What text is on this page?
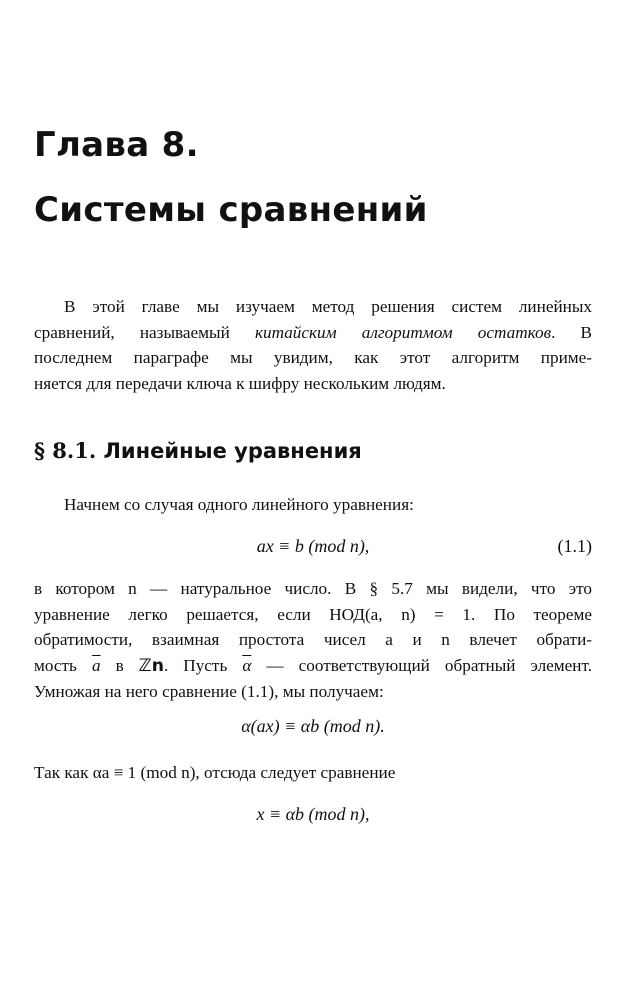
Глава 8.
Системы сравнений
В этой главе мы изучаем метод решения систем линейных
сравнений, называемый китайским алгоритмом остатков. В
последнем параграфе мы увидим, как этот алгоритм приме-
няется для передачи ключа к шифру нескольким людям.
§ 8.1. Линейные уравнения
Начнем со случая одного линейного уравнения:
ax ≡ b (mod n),	(1.1)
в котором n — натуральное число. В § 5.7 мы видели, что это
уравнение легко решается, если НОД(a, n) = 1. По теореме
обратимости, взаимная простота чисел a и n влечет обрати-
мость $\overline{a}$ в ℤn. Пусть $\overline{\alpha}$ — соответствующий обратный элемент.
Умножая на него сравнение (1.1), мы получаем:
α(ax) ≡ αb (mod n).
Так как αa ≡ 1 (mod n), отсюда следует сравнение
x ≡ αb (mod n),
